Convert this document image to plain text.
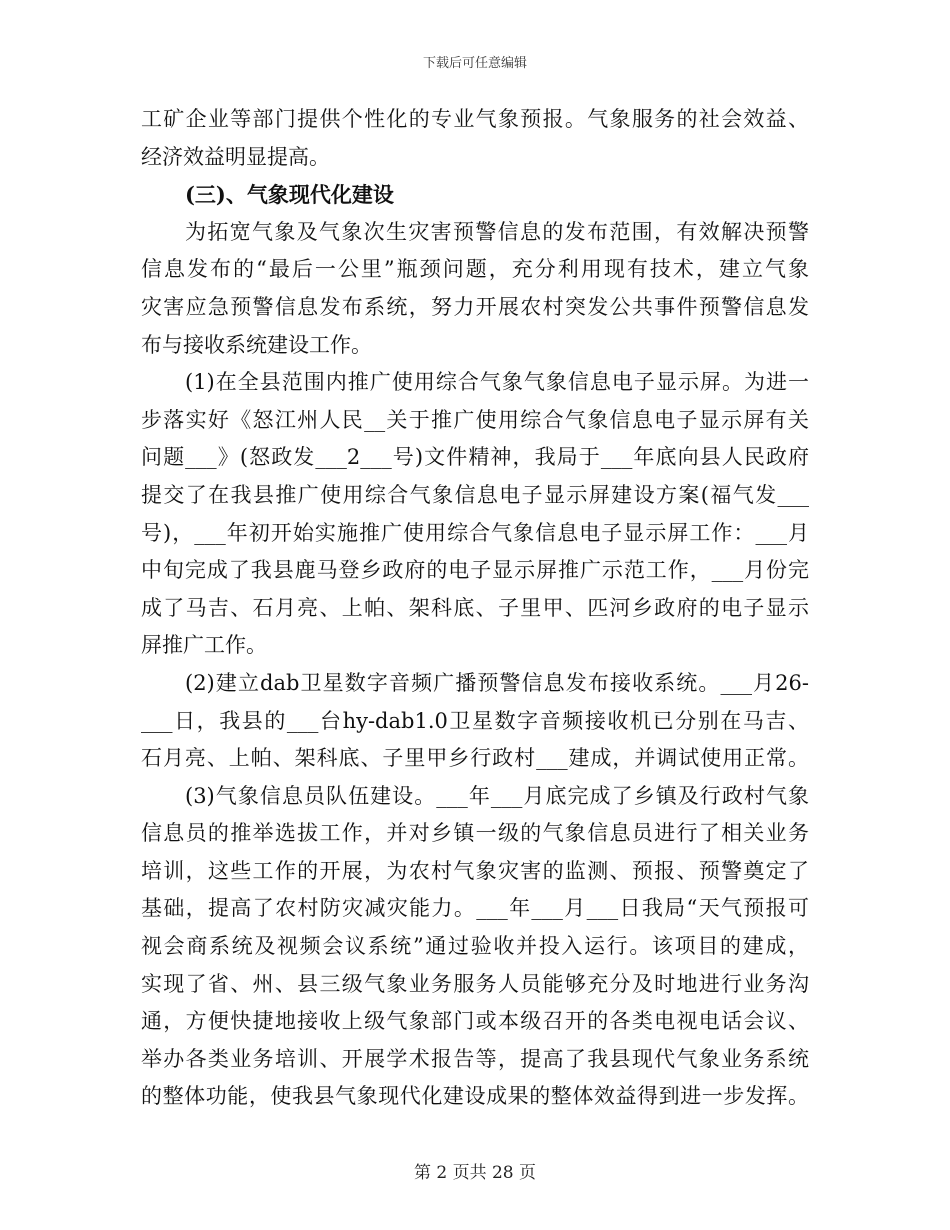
下载后可任意编辑

工矿企业等部门提供个性化的专业气象预报。气象服务的社会效益、

经济效益明显提高。

(三)、气象现代化建设

为拓宽气象及气象次生灾害预警信息的发布范围，有效解决预警

信息发布的“最后一公里”瓶颈问题，充分利用现有技术，建立气象

灾害应急预警信息发布系统，努力开展农村突发公共事件预警信息发

布与接收系统建设工作。

(1)在全县范围内推广使用综合气象气象信息电子显示屏。为进一

步落实好《怒江州人民__关于推广使用综合气象信息电子显示屏有关

问题___》(怒政发___2___号)文件精神，我局于___年底向县人民政府

提交了在我县推广使用综合气象信息电子显示屏建设方案(福气发___

号)，___年初开始实施推广使用综合气象信息电子显示屏工作：___月

中旬完成了我县鹿马登乡政府的电子显示屏推广示范工作，___月份完

成了马吉、石月亮、上帕、架科底、子里甲、匹河乡政府的电子显示

屏推广工作。

(2)建立dab卫星数字音频广播预警信息发布接收系统。___月26-

___日，我县的___台hy-dab1.0卫星数字音频接收机已分别在马吉、

石月亮、上帕、架科底、子里甲乡行政村___建成，并调试使用正常。

(3)气象信息员队伍建设。___年___月底完成了乡镇及行政村气象

信息员的推举选拔工作，并对乡镇一级的气象信息员进行了相关业务

培训，这些工作的开展，为农村气象灾害的监测、预报、预警奠定了

基础，提高了农村防灾减灾能力。___年___月___日我局“天气预报可

视会商系统及视频会议系统”通过验收并投入运行。该项目的建成，

实现了省、州、县三级气象业务服务人员能够充分及时地进行业务沟

通，方便快捷地接收上级气象部门或本级召开的各类电视电话会议、

举办各类业务培训、开展学术报告等，提高了我县现代气象业务系统

的整体功能，使我县气象现代化建设成果的整体效益得到进一步发挥。

第 2 页共 28 页
